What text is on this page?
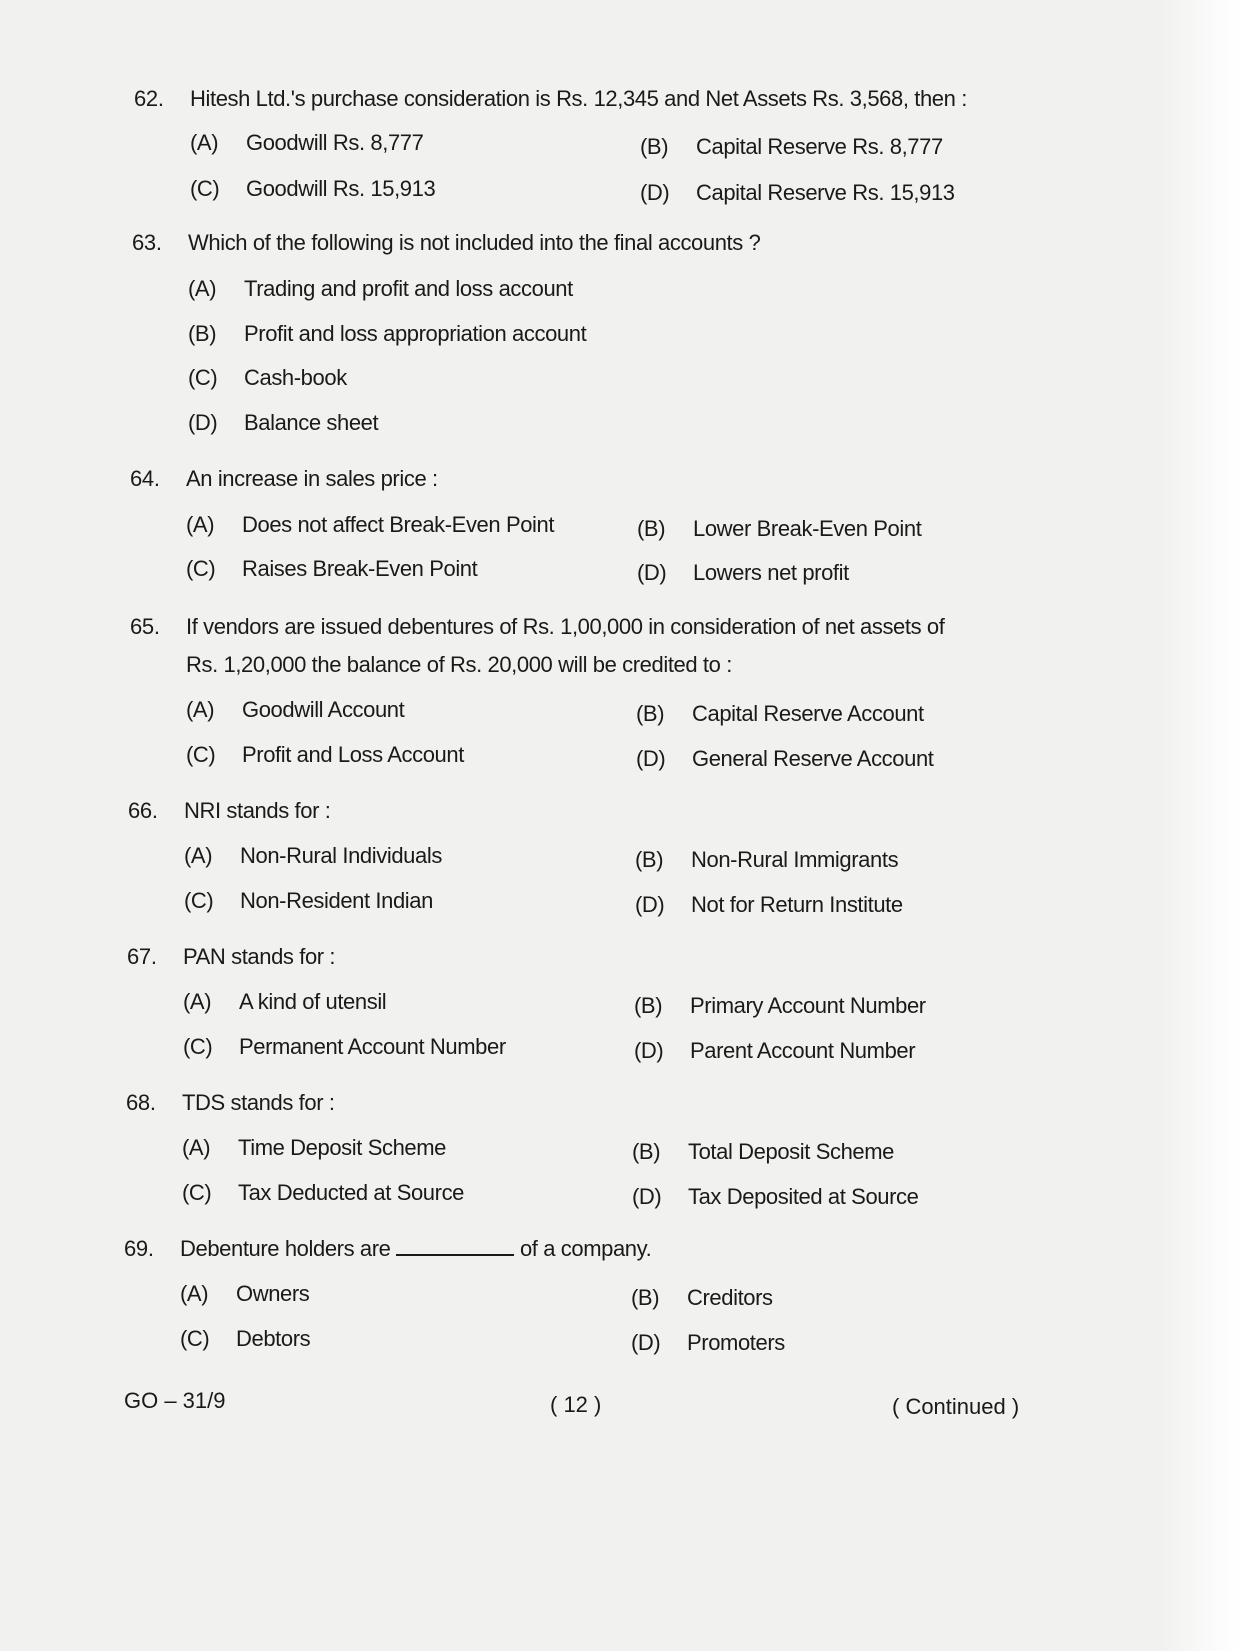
62. Hitesh Ltd.'s purchase consideration is Rs. 12,345 and Net Assets Rs. 3,568, then :
(A) Goodwill Rs. 8,777	(B) Capital Reserve Rs. 8,777
(C) Goodwill Rs. 15,913	(D) Capital Reserve Rs. 15,913
63. Which of the following is not included into the final accounts ?
(A) Trading and profit and loss account
(B) Profit and loss appropriation account
(C) Cash-book
(D) Balance sheet
64. An increase in sales price :
(A) Does not affect Break-Even Point	(B) Lower Break-Even Point
(C) Raises Break-Even Point	(D) Lowers net profit
65. If vendors are issued debentures of Rs. 1,00,000 in consideration of net assets of
Rs. 1,20,000 the balance of Rs. 20,000 will be credited to :
(A) Goodwill Account	(B) Capital Reserve Account
(C) Profit and Loss Account	(D) General Reserve Account
66. NRI stands for :
(A) Non-Rural Individuals	(B) Non-Rural Immigrants
(C) Non-Resident Indian	(D) Not for Return Institute
67. PAN stands for :
(A) A kind of utensil	(B) Primary Account Number
(C) Permanent Account Number	(D) Parent Account Number
68. TDS stands for :
(A) Time Deposit Scheme	(B) Total Deposit Scheme
(C) Tax Deducted at Source	(D) Tax Deposited at Source
69. Debenture holders are	of a company.
(A) Owners	(B) Creditors
(C) Debtors	(D) Promoters
GO – 31/9	( 12 )	( Continued )
